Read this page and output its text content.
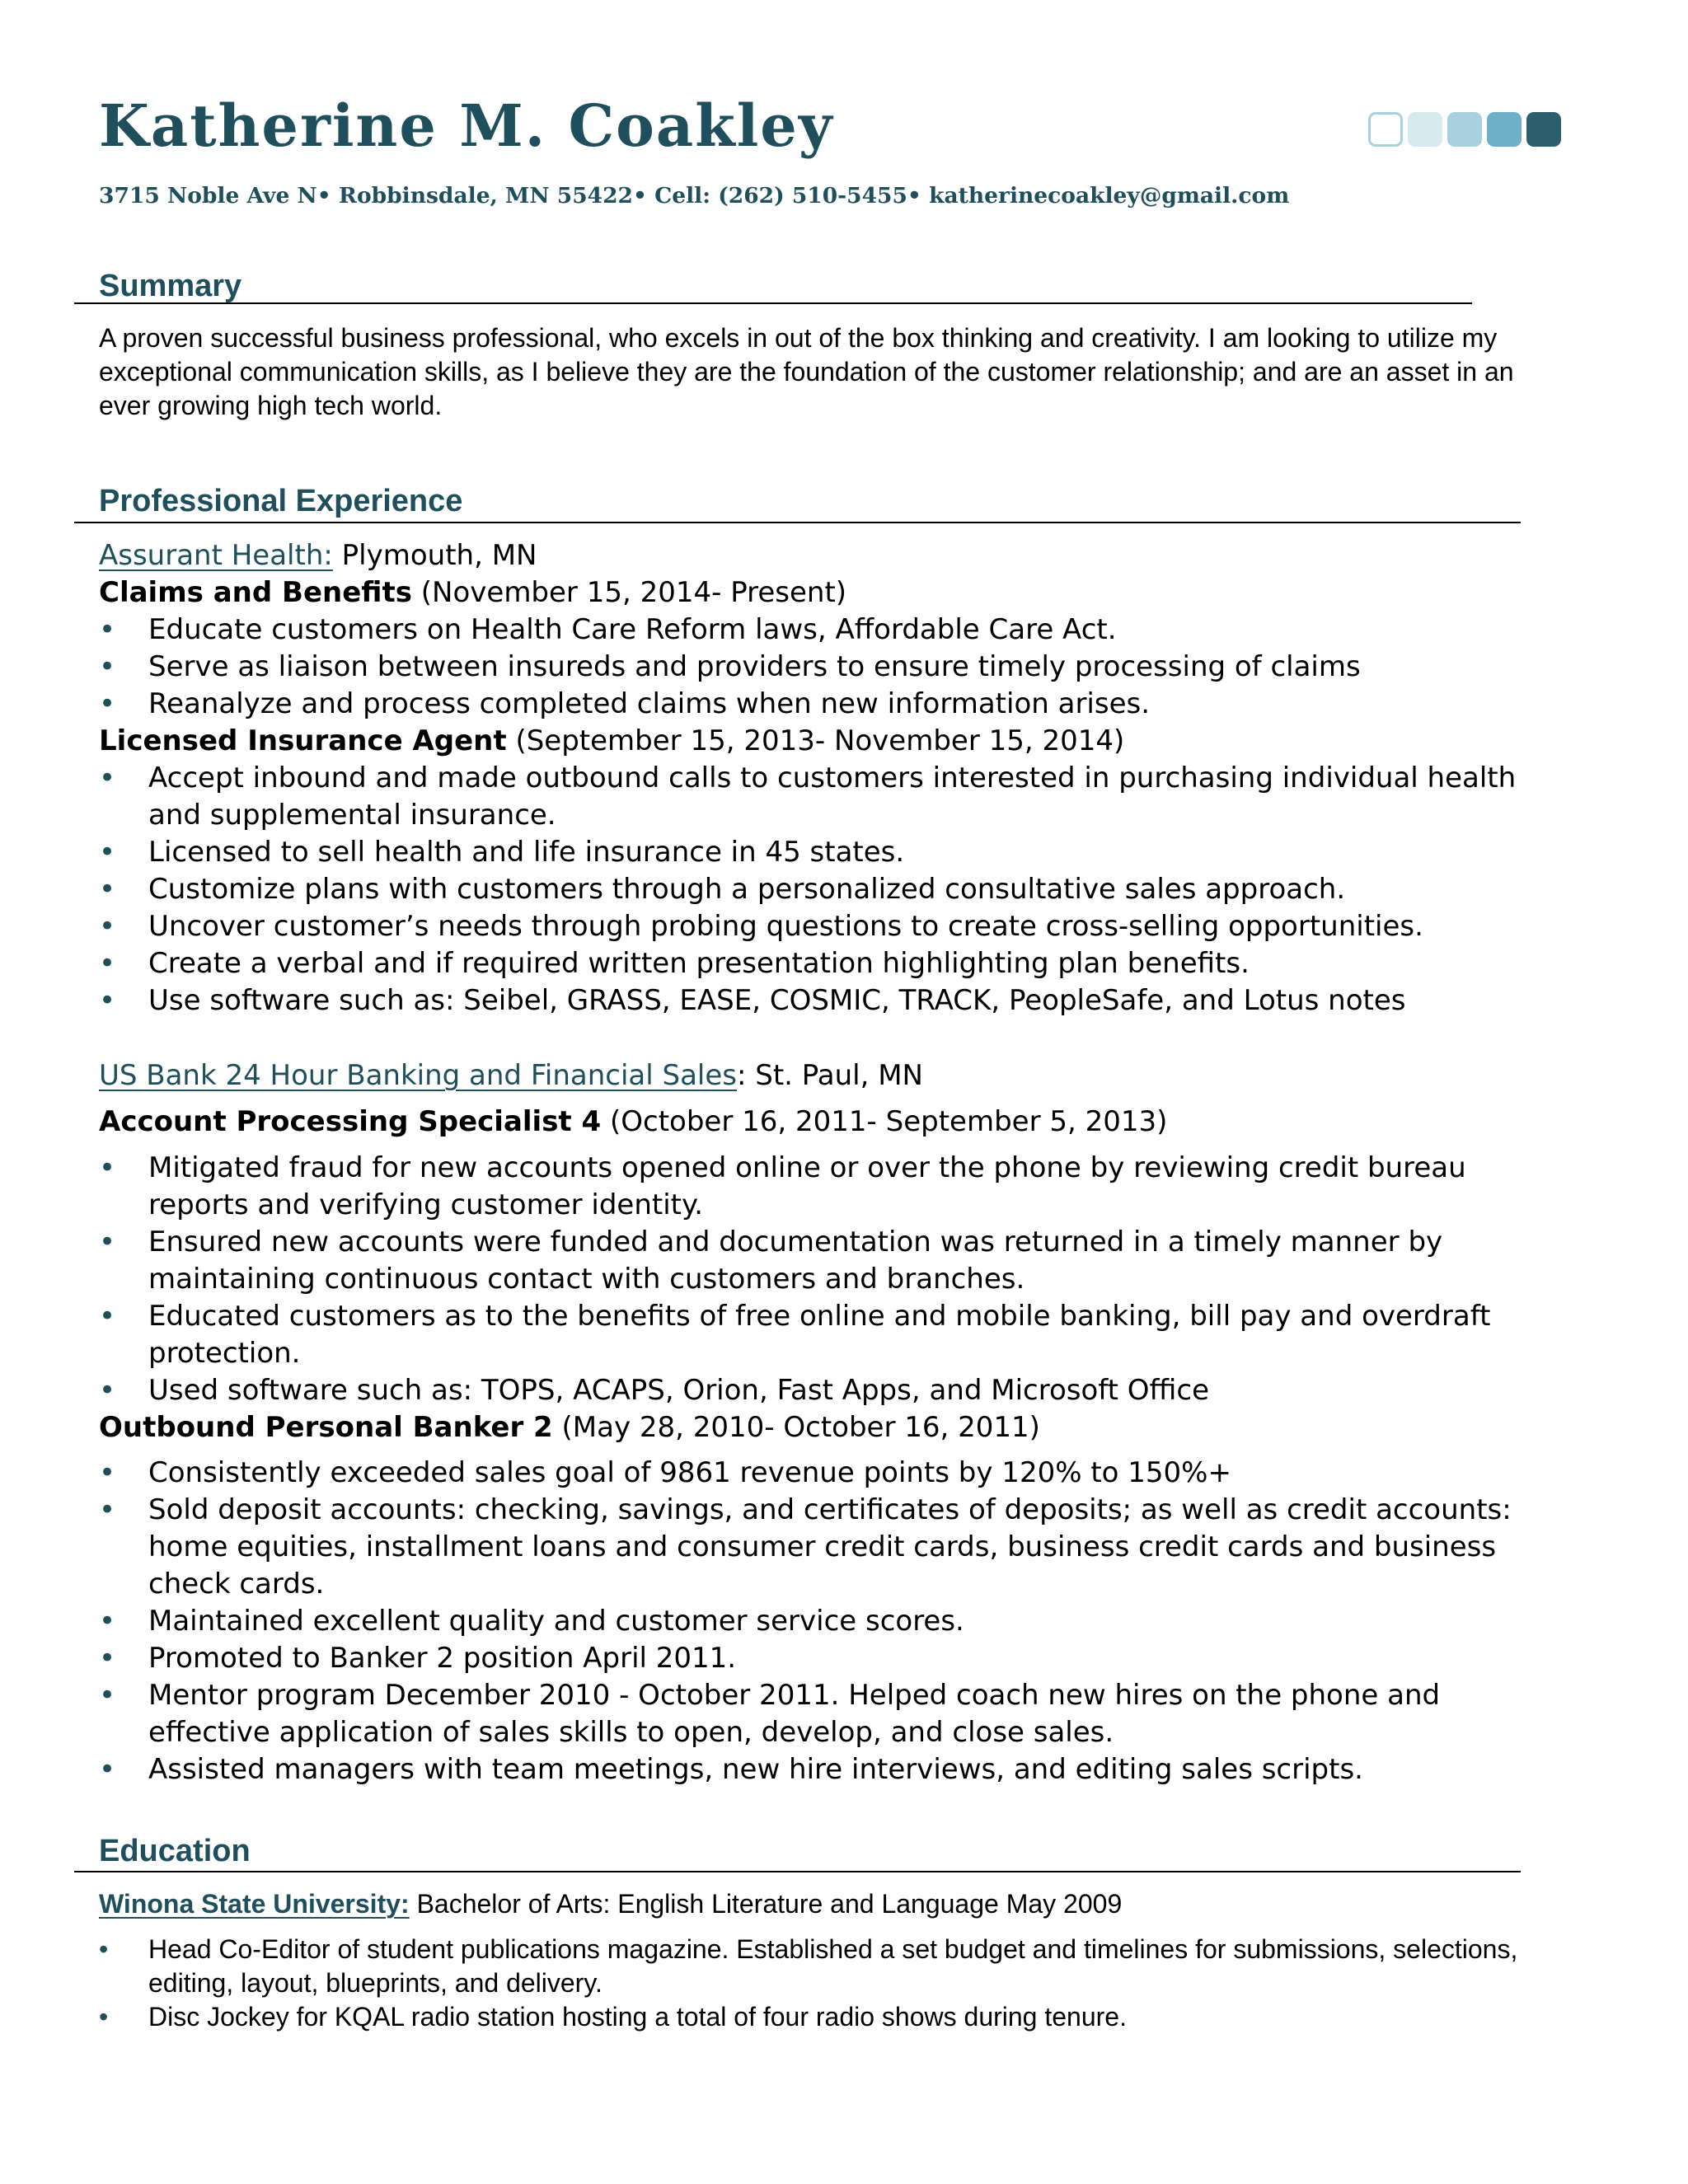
Katherine M. Coakley
3715 Noble Ave N• Robbinsdale, MN 55422• Cell: (262) 510-5455• katherinecoakley@gmail.com
Summary

A proven successful business professional, who excels in out of the box thinking and creativity. I am looking to utilize my exceptional communication skills, as I believe they are the foundation of the customer relationship; and are an asset in an ever growing high tech world.

Professional Experience
Assurant Health: Plymouth, MN
Claims and Benefits (November 15, 2014- Present)
• Educate customers on Health Care Reform laws, Affordable Care Act.
• Serve as liaison between insureds and providers to ensure timely processing of claims
• Reanalyze and process completed claims when new information arises.
Licensed Insurance Agent (September 15, 2013- November 15, 2014)
• Accept inbound and made outbound calls to customers interested in purchasing individual health and supplemental insurance.
• Licensed to sell health and life insurance in 45 states.
• Customize plans with customers through a personalized consultative sales approach.
• Uncover customer’s needs through probing questions to create cross-selling opportunities.
• Create a verbal and if required written presentation highlighting plan benefits.
• Use software such as: Seibel, GRASS, EASE, COSMIC, TRACK, PeopleSafe, and Lotus notes
US Bank 24 Hour Banking and Financial Sales: St. Paul, MN
Account Processing Specialist 4 (October 16, 2011- September 5, 2013)
• Mitigated fraud for new accounts opened online or over the phone by reviewing credit bureau reports and verifying customer identity.
• Ensured new accounts were funded and documentation was returned in a timely manner by maintaining continuous contact with customers and branches.
• Educated customers as to the benefits of free online and mobile banking, bill pay and overdraft protection.
• Used software such as: TOPS, ACAPS, Orion, Fast Apps, and Microsoft Office
Outbound Personal Banker 2 (May 28, 2010- October 16, 2011)
• Consistently exceeded sales goal of 9861 revenue points by 120% to 150%+
• Sold deposit accounts: checking, savings, and certificates of deposits; as well as credit accounts: home equities, installment loans and consumer credit cards, business credit cards and business check cards.
• Maintained excellent quality and customer service scores.
• Promoted to Banker 2 position April 2011.
• Mentor program December 2010 - October 2011. Helped coach new hires on the phone and effective application of sales skills to open, develop, and close sales.
• Assisted managers with team meetings, new hire interviews, and editing sales scripts.
Education
Winona State University: Bachelor of Arts: English Literature and Language May 2009
• Head Co-Editor of student publications magazine. Established a set budget and timelines for submissions, selections, editing, layout, blueprints, and delivery.
• Disc Jockey for KQAL radio station hosting a total of four radio shows during tenure.
